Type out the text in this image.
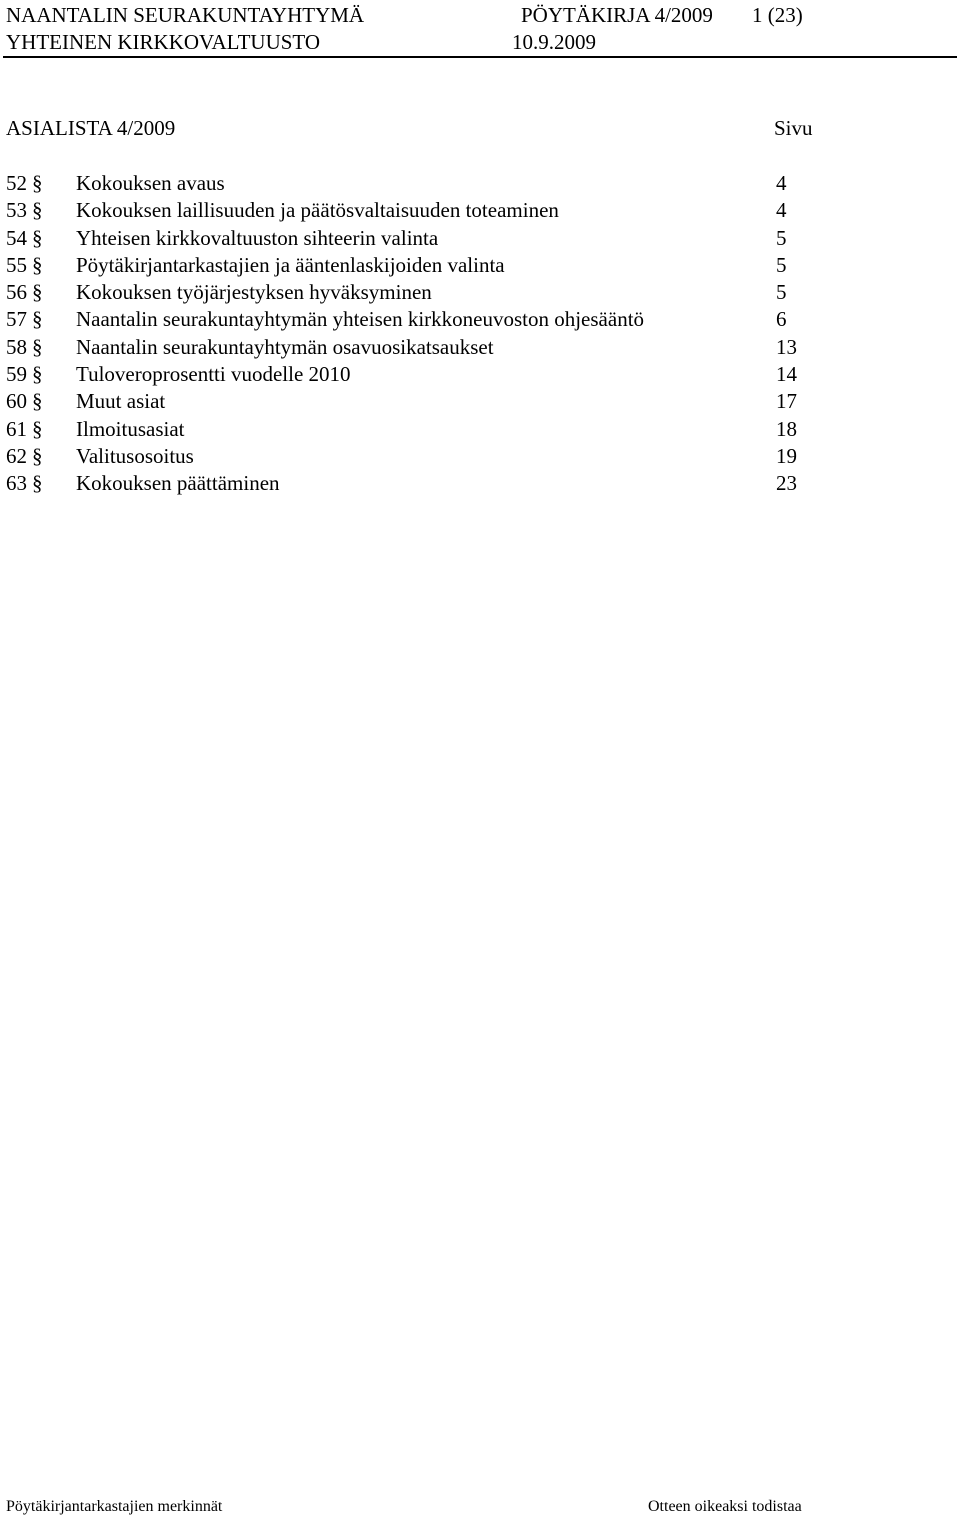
NAANTALIN SEURAKUNTAYHTYMÄ	PÖYTÄKIRJA 4/2009 1 (23)
YHTEINEN KIRKKOVALTUUSTO	10.9.2009
ASIALISTA 4/2009	Sivu
52 § Kokouksen avaus	4
53 § Kokouksen laillisuuden ja päätösvaltaisuuden toteaminen	4
54 § Yhteisen kirkkovaltuuston sihteerin valinta	5
55 § Pöytäkirjantarkastajien ja ääntenlaskijoiden valinta	5
56 § Kokouksen työjärjestyksen hyväksyminen	5
57 § Naantalin seurakuntayhtymän yhteisen kirkkoneuvoston ohjesääntö	6
58 § Naantalin seurakuntayhtymän osavuosikatsaukset	13
59 § Tuloveroprosentti vuodelle 2010	14
60 § Muut asiat	17
61 § Ilmoitusasiat	18
62 § Valitusosoitus	19
63 § Kokouksen päättäminen	23
Pöytäkirjantarkastajien merkinnät	Otteen oikeaksi todistaa
